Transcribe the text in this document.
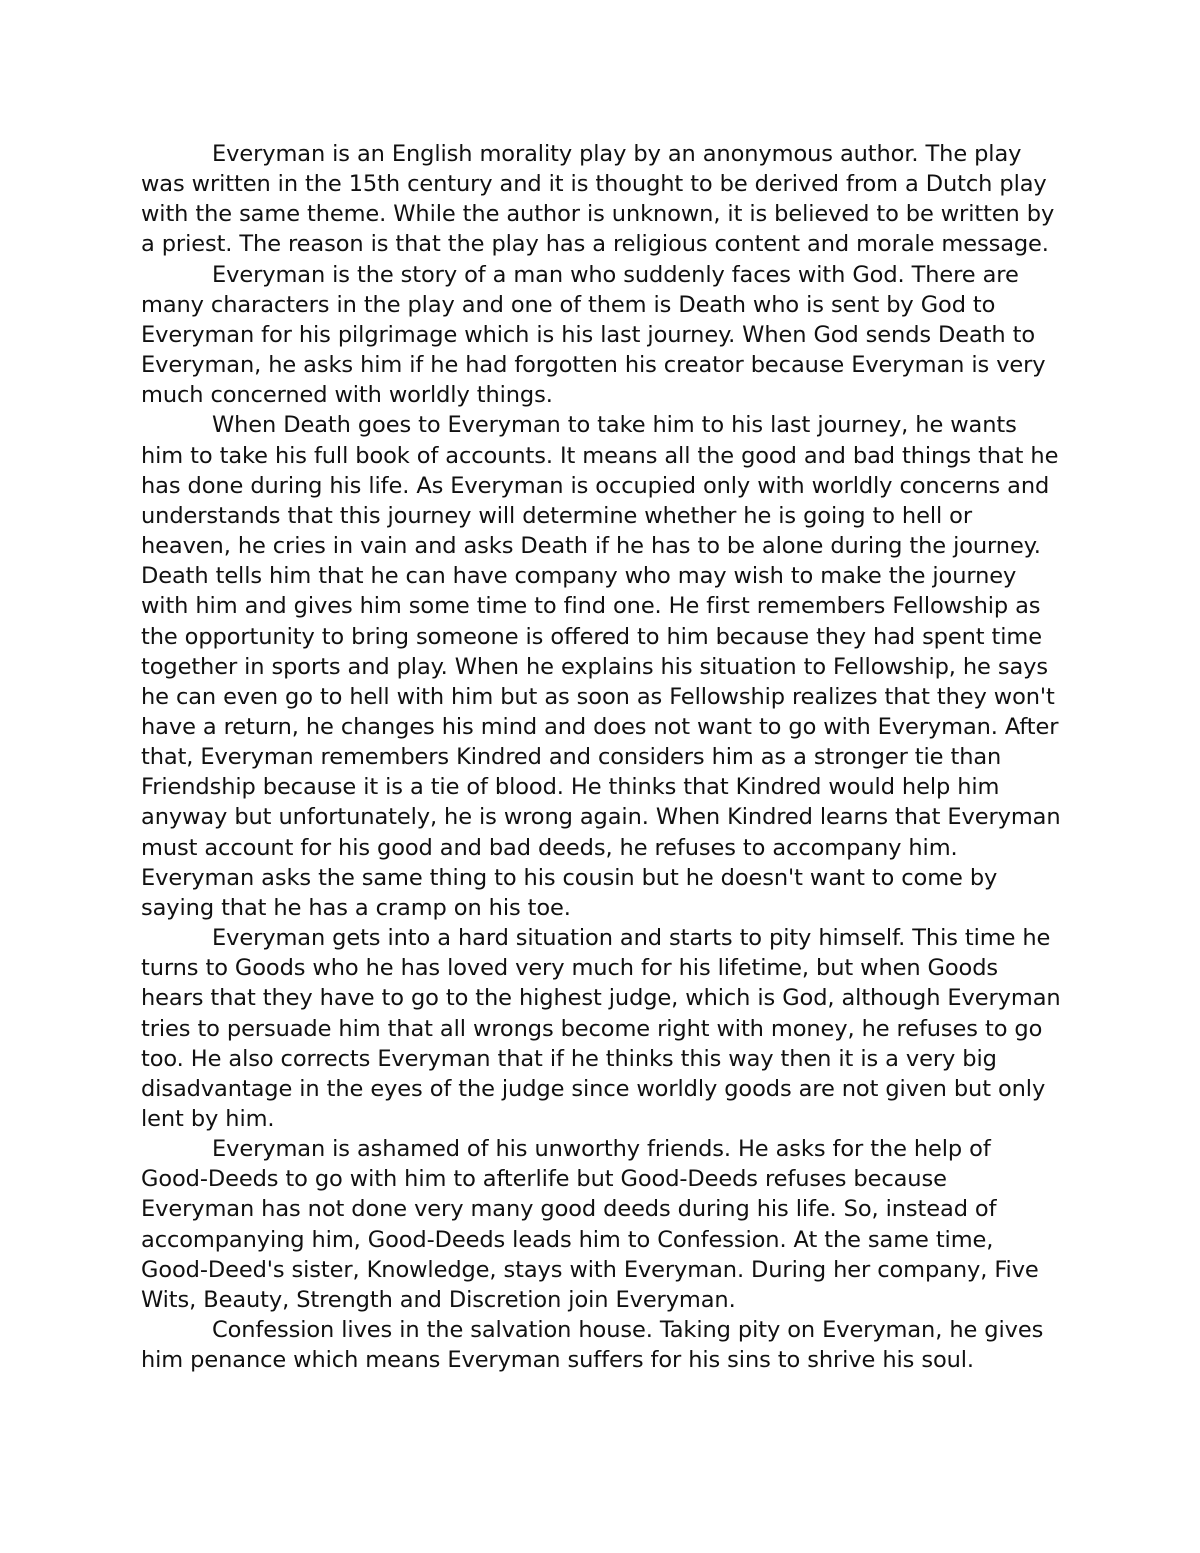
Everyman is an English morality play by an anonymous author. The play was written in the 15th century and it is thought to be derived from a Dutch play with the same theme. While the author is unknown, it is believed to be written by a priest. The reason is that the play has a religious content and morale message.

Everyman is the story of a man who suddenly faces with God. There are many characters in the play and one of them is Death who is sent by God to Everyman for his pilgrimage which is his last journey. When God sends Death to Everyman, he asks him if he had forgotten his creator because Everyman is very much concerned with worldly things.

When Death goes to Everyman to take him to his last journey, he wants him to take his full book of accounts. It means all the good and bad things that he has done during his life. As Everyman is occupied only with worldly concerns and understands that this journey will determine whether he is going to hell or heaven, he cries in vain and asks Death if he has to be alone during the journey. Death tells him that he can have company who may wish to make the journey with him and gives him some time to find one. He first remembers Fellowship as the opportunity to bring someone is offered to him because they had spent time together in sports and play. When he explains his situation to Fellowship, he says he can even go to hell with him but as soon as Fellowship realizes that they won't have a return, he changes his mind and does not want to go with Everyman. After that, Everyman remembers Kindred and considers him as a stronger tie than Friendship because it is a tie of blood. He thinks that Kindred would help him anyway but unfortunately, he is wrong again. When Kindred learns that Everyman must account for his good and bad deeds, he refuses to accompany him. Everyman asks the same thing to his cousin but he doesn't want to come by saying that he has a cramp on his toe.

Everyman gets into a hard situation and starts to pity himself. This time he turns to Goods who he has loved very much for his lifetime, but when Goods hears that they have to go to the highest judge, which is God, although Everyman tries to persuade him that all wrongs become right with money, he refuses to go too. He also corrects Everyman that if he thinks this way then it is a very big disadvantage in the eyes of the judge since worldly goods are not given but only lent by him.

Everyman is ashamed of his unworthy friends. He asks for the help of Good-Deeds to go with him to afterlife but Good-Deeds refuses because Everyman has not done very many good deeds during his life. So, instead of accompanying him, Good-Deeds leads him to Confession. At the same time, Good-Deed's sister, Knowledge, stays with Everyman. During her company, Five Wits, Beauty, Strength and Discretion join Everyman.

Confession lives in the salvation house. Taking pity on Everyman, he gives him penance which means Everyman suffers for his sins to shrive his soul.
